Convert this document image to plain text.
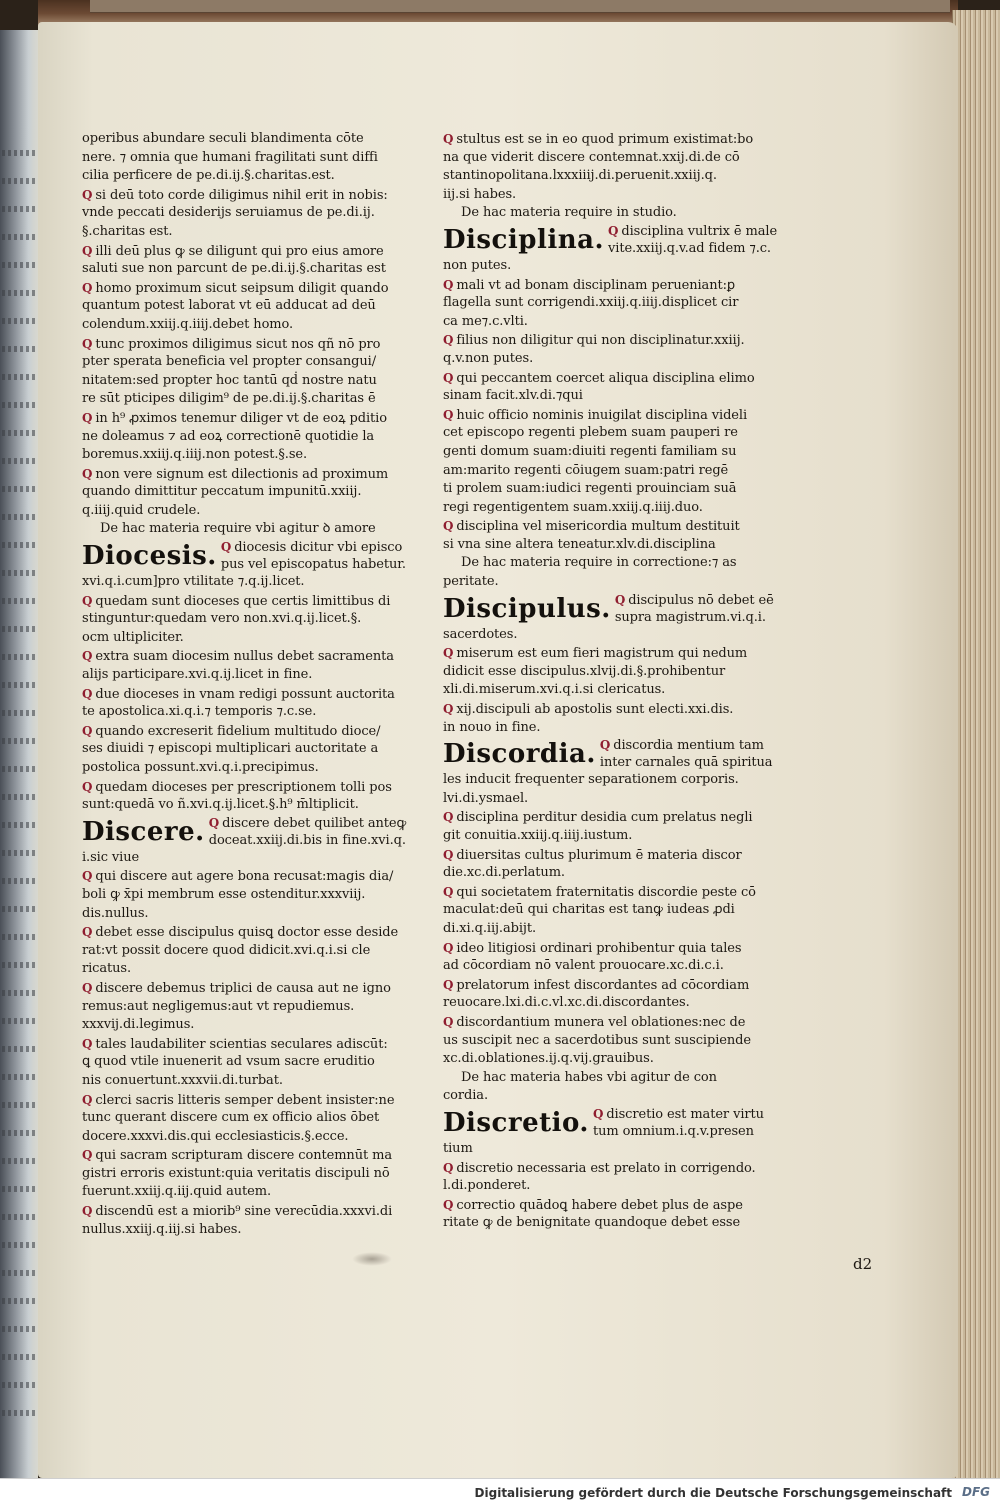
operibus abundare seculi blandimenta cōte
nere. ⁊ omnia que humani fragilitati sunt diffi
cilia perficere de pe.di.ij.§.charitas.est.
Q si deū toto corde diligimus nihil erit in nobis:
vnde peccati desiderijs seruiamus de pe.di.ij.
§.charitas est.
Q illi deū plus ꝙ se diligunt qui pro eius amore
saluti sue non parcunt de pe.di.ij.§.charitas est
Q homo proximum sicut seipsum diligit quando
quantum potest laborat vt eū adducat ad deū
colendum.xxiij.q.iiij.debet homo.
Q tunc proximos diligimus sicut nos qñ nō pro
pter sperata beneficia vel propter consangui/
nitatem:sed propter hoc tantū qḋ nostre natu
re sūt pticipes diligim⁹ de pe.di.ij.§.charitas ē
Q in h⁹ ꝓximos tenemur diliger vt de eoꝝ pditio
ne doleamus ⁊ ad eoꝝ correctionē quotidie la
boremus.xxiij.q.iiij.non potest.§.se.
Q non vere signum est dilectionis ad proximum
quando dimittitur peccatum impunitū.xxiij.
q.iiij.quid crudele.
De hac materia require vbi agitur ꝺ amore
Diocesis. Q diocesis dicitur vbi episco
pus vel episcopatus habetur.
xvi.q.i.cum]pro vtilitate ⁊.q.ij.licet.
Q quedam sunt dioceses que certis limittibus di
stinguntur:quedam vero non.xvi.q.ij.licet.§.
ocm ultipliciter.
Q extra suam diocesim nullus debet sacramenta
alijs participare.xvi.q.ij.licet in fine.
Q due dioceses in vnam redigi possunt auctorita
te apostolica.xi.q.i.⁊ temporis ⁊.c.se.
Q quando excreserit fidelium multitudo dioce/
ses diuidi ⁊ episcopi multiplicari auctoritate a
postolica possunt.xvi.q.i.precipimus.
Q quedam dioceses per prescriptionem tolli pos
sunt:quedā vo ñ.xvi.q.ij.licet.§.h⁹ m̄ltiplicit.
Discere. Q discere debet quilibet anteꝙ
doceat.xxiij.di.bis in fine.xvi.q.
i.sic viue
Q qui discere aut agere bona recusat:magis dia/
boli ꝙ x̄pi membrum esse ostenditur.xxxviij.
dis.nullus.
Q debet esse discipulus quisꝗ doctor esse deside
rat:vt possit docere quod didicit.xvi.q.i.si cle
ricatus.
Q discere debemus triplici de causa aut ne igno
remus:aut negligemus:aut vt repudiemus.
xxxvij.di.legimus.
Q tales laudabiliter scientias seculares adiscūt:
ꝗ quod vtile inuenerit ad vsum sacre eruditio
nis conuertunt.xxxvii.di.turbat.
Q clerci sacris litteris semper debent insister:ne
tunc querant discere cum ex officio alios ōbet
docere.xxxvi.dis.qui ecclesiasticis.§.ecce.
Q qui sacram scripturam discere contemnūt ma
gistri erroris existunt:quia veritatis discipuli nō
fuerunt.xxiij.q.iij.quid autem.
Q discendū est a miorib⁹ sine verecūdia.xxxvi.di
nullus.xxiij.q.iij.si habes.
Q stultus est se in eo quod primum existimat:bo
na que viderit discere contemnat.xxij.di.de cō
stantinopolitana.lxxxiiij.di.peruenit.xxiij.q.
iij.si habes.
De hac materia require in studio.
Disciplina. Q disciplina vultrix ē male
vite.xxiij.q.v.ad fidem ⁊.c.
non putes.
Q mali vt ad bonam disciplinam perueniant:ꝑ
flagella sunt corrigendi.xxiij.q.iiij.displicet cir
ca me⁊.c.vlti.
Q filius non diligitur qui non disciplinatur.xxiij.
q.v.non putes.
Q qui peccantem coercet aliqua disciplina elimo
sinam facit.xlv.di.⁊qui
Q huic officio nominis inuigilat disciplina videli
cet episcopo regenti plebem suam pauperi re
genti domum suam:diuiti regenti familiam su
am:marito regenti cōiugem suam:patri regē
ti prolem suam:iudici regenti prouinciam suā
regi regentigentem suam.xxiij.q.iiij.duo.
Q disciplina vel misericordia multum destituit
si vna sine altera teneatur.xlv.di.disciplina
De hac materia require in correctione:⁊ as
peritate.
Discipulus. Q discipulus nō debet eē
supra magistrum.vi.q.i.
sacerdotes.
Q miserum est eum fieri magistrum qui nedum
didicit esse discipulus.xlvij.di.§.prohibentur
xli.di.miserum.xvi.q.i.si clericatus.
Q xij.discipuli ab apostolis sunt electi.xxi.dis.
in nouo in fine.
Discordia. Q discordia mentium tam
inter carnales quā spiritua
les inducit frequenter separationem corporis.
lvi.di.ysmael.
Q disciplina perditur desidia cum prelatus negli
git conuitia.xxiij.q.iiij.iustum.
Q diuersitas cultus plurimum ē materia discor
die.xc.di.perlatum.
Q qui societatem fraternitatis discordie peste cō
maculat:deū qui charitas est tanꝙ iudeas ꝓdi
di.xi.q.iij.abijt.
Q ideo litigiosi ordinari prohibentur quia tales
ad cōcordiam nō valent prouocare.xc.di.c.i.
Q prelatorum infest discordantes ad cōcordiam
reuocare.lxi.di.c.vl.xc.di.discordantes.
Q discordantium munera vel oblationes:nec de
us suscipit nec a sacerdotibus sunt suscipiende
xc.di.oblationes.ij.q.vij.grauibus.
De hac materia habes vbi agitur de con
cordia.
Discretio. Q discretio est mater virtu
tum omnium.i.q.v.presen
tium
Q discretio necessaria est prelato in corrigendo.
l.di.ponderet.
Q correctio quādoꝗ habere debet plus de aspe
ritate ꝙ de benignitate quandoque debet esse
d2
Digitalisierung gefördert durch die Deutsche Forschungsgemeinschaft DFG
